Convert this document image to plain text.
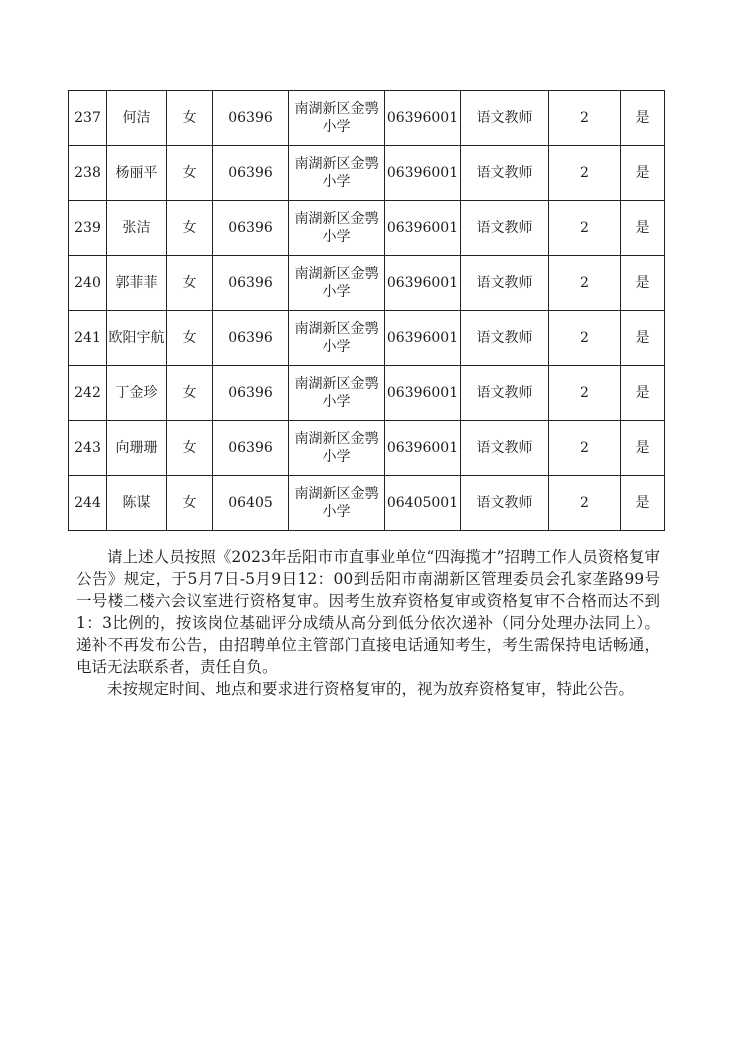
237	何洁	女	06396	南湖新区金鹗小学	06396001	语文教师	2	是
238	杨丽平	女	06396	南湖新区金鹗小学	06396001	语文教师	2	是
239	张洁	女	06396	南湖新区金鹗小学	06396001	语文教师	2	是
240	郭菲菲	女	06396	南湖新区金鹗小学	06396001	语文教师	2	是
241	欧阳宇航	女	06396	南湖新区金鹗小学	06396001	语文教师	2	是
242	丁金珍	女	06396	南湖新区金鹗小学	06396001	语文教师	2	是
243	向珊珊	女	06396	南湖新区金鹗小学	06396001	语文教师	2	是
244	陈谋	女	06405	南湖新区金鹗小学	06405001	语文教师	2	是

请上述人员按照《2023年岳阳市市直事业单位“四海揽才”招聘工作人员资格复审公告》规定，于5月7日-5月9日12：00到岳阳市南湖新区管理委员会孔家垄路99号一号楼二楼六会议室进行资格复审。因考生放弃资格复审或资格复审不合格而达不到1：3比例的，按该岗位基础评分成绩从高分到低分依次递补（同分处理办法同上）。递补不再发布公告，由招聘单位主管部门直接电话通知考生，考生需保持电话畅通，电话无法联系者，责任自负。

未按规定时间、地点和要求进行资格复审的，视为放弃资格复审，特此公告。
